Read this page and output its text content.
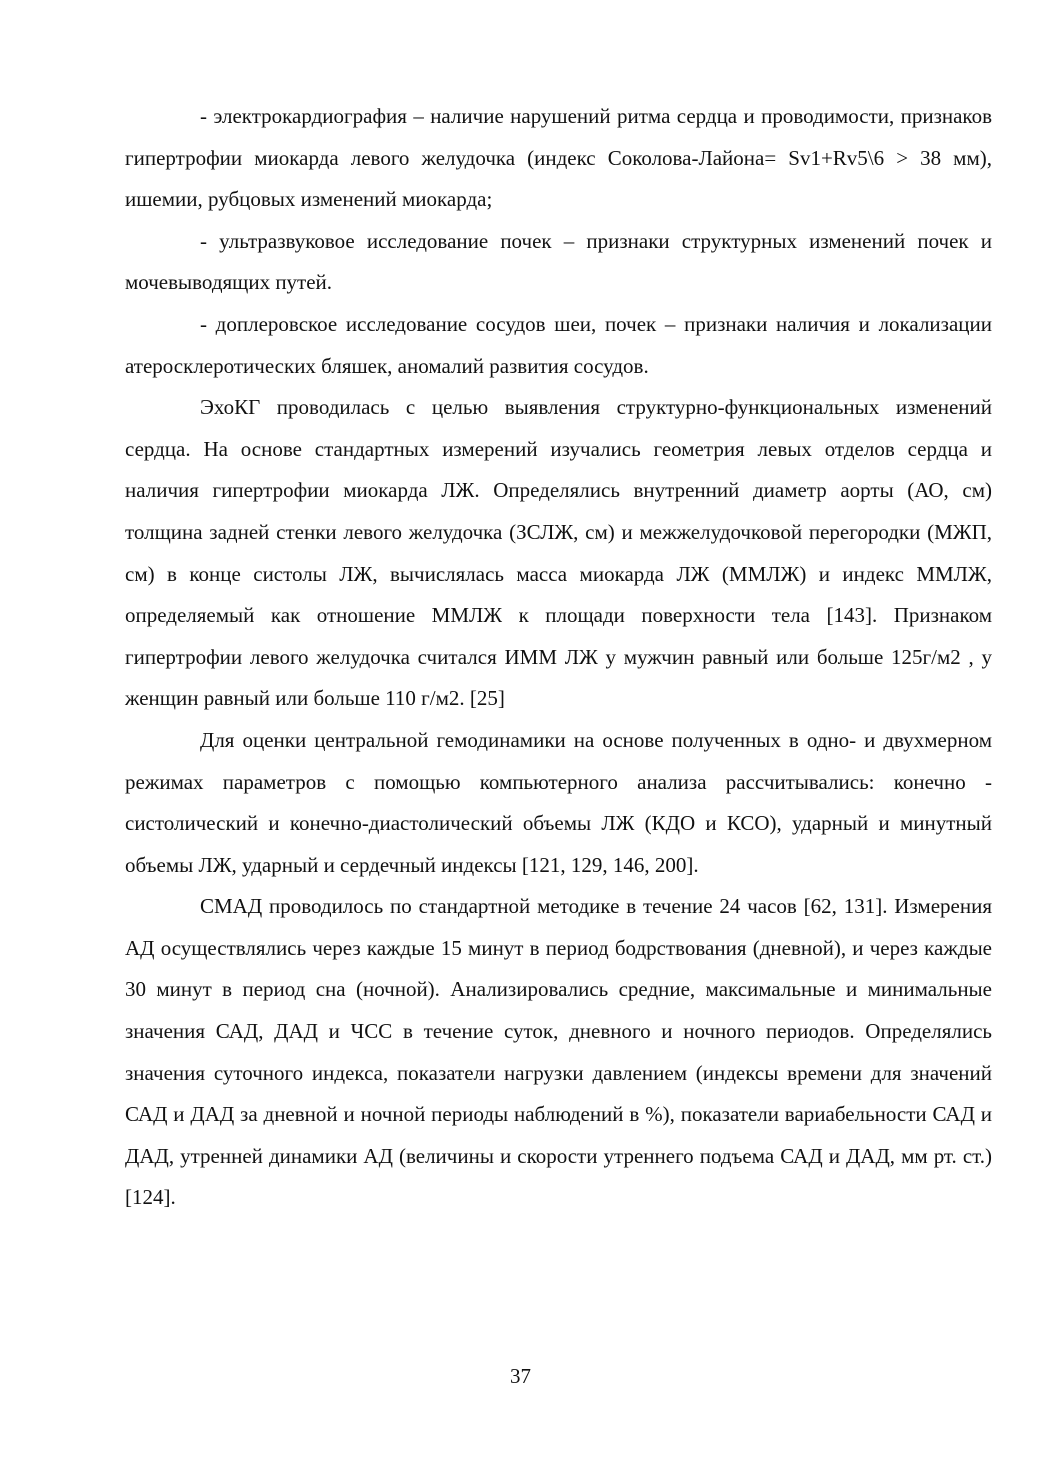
- электрокардиография – наличие нарушений ритма сердца и проводимости, признаков гипертрофии миокарда левого желудочка (индекс Соколова-Лайона= Sv1+Rv5\6 > 38 мм), ишемии, рубцовых изменений миокарда;

- ультразвуковое исследование почек – признаки структурных изменений почек и мочевыводящих путей.

- доплеровское исследование сосудов шеи, почек – признаки наличия и локализации атеросклеротических бляшек, аномалий развития сосудов.

ЭхоКГ проводилась с целью выявления структурно-функциональных изменений сердца. На основе стандартных измерений изучались геометрия левых отделов сердца и наличия гипертрофии миокарда ЛЖ. Определялись внутренний диаметр аорты (АО, см) толщина задней стенки левого желудочка (ЗСЛЖ, см) и межжелудочковой перегородки (МЖП, см) в конце систолы ЛЖ, вычислялась масса миокарда ЛЖ (ММЛЖ) и индекс ММЛЖ, определяемый как отношение ММЛЖ к площади поверхности тела [143]. Признаком гипертрофии левого желудочка считался ИММ ЛЖ у мужчин равный или больше 125г/м2 , у женщин равный или больше 110 г/м2. [25]

Для оценки центральной гемодинамики на основе полученных в одно- и двухмерном режимах параметров с помощью компьютерного анализа рассчитывались: конечно - систолический и конечно-диастолический объемы ЛЖ (КДО и КСО), ударный и минутный объемы ЛЖ, ударный и сердечный индексы [121, 129, 146, 200].

СМАД проводилось по стандартной методике в течение 24 часов [62, 131]. Измерения АД осуществлялись через каждые 15 минут в период бодрствования (дневной), и через каждые 30 минут в период сна (ночной). Анализировались средние, максимальные и минимальные значения САД, ДАД и ЧСС в течение суток, дневного и ночного периодов. Определялись значения суточного индекса, показатели нагрузки давлением (индексы времени для значений САД и ДАД за дневной и ночной периоды наблюдений в %), показатели вариабельности САД и ДАД, утренней динамики АД (величины и скорости утреннего подъема САД и ДАД, мм рт. ст.) [124].

37
